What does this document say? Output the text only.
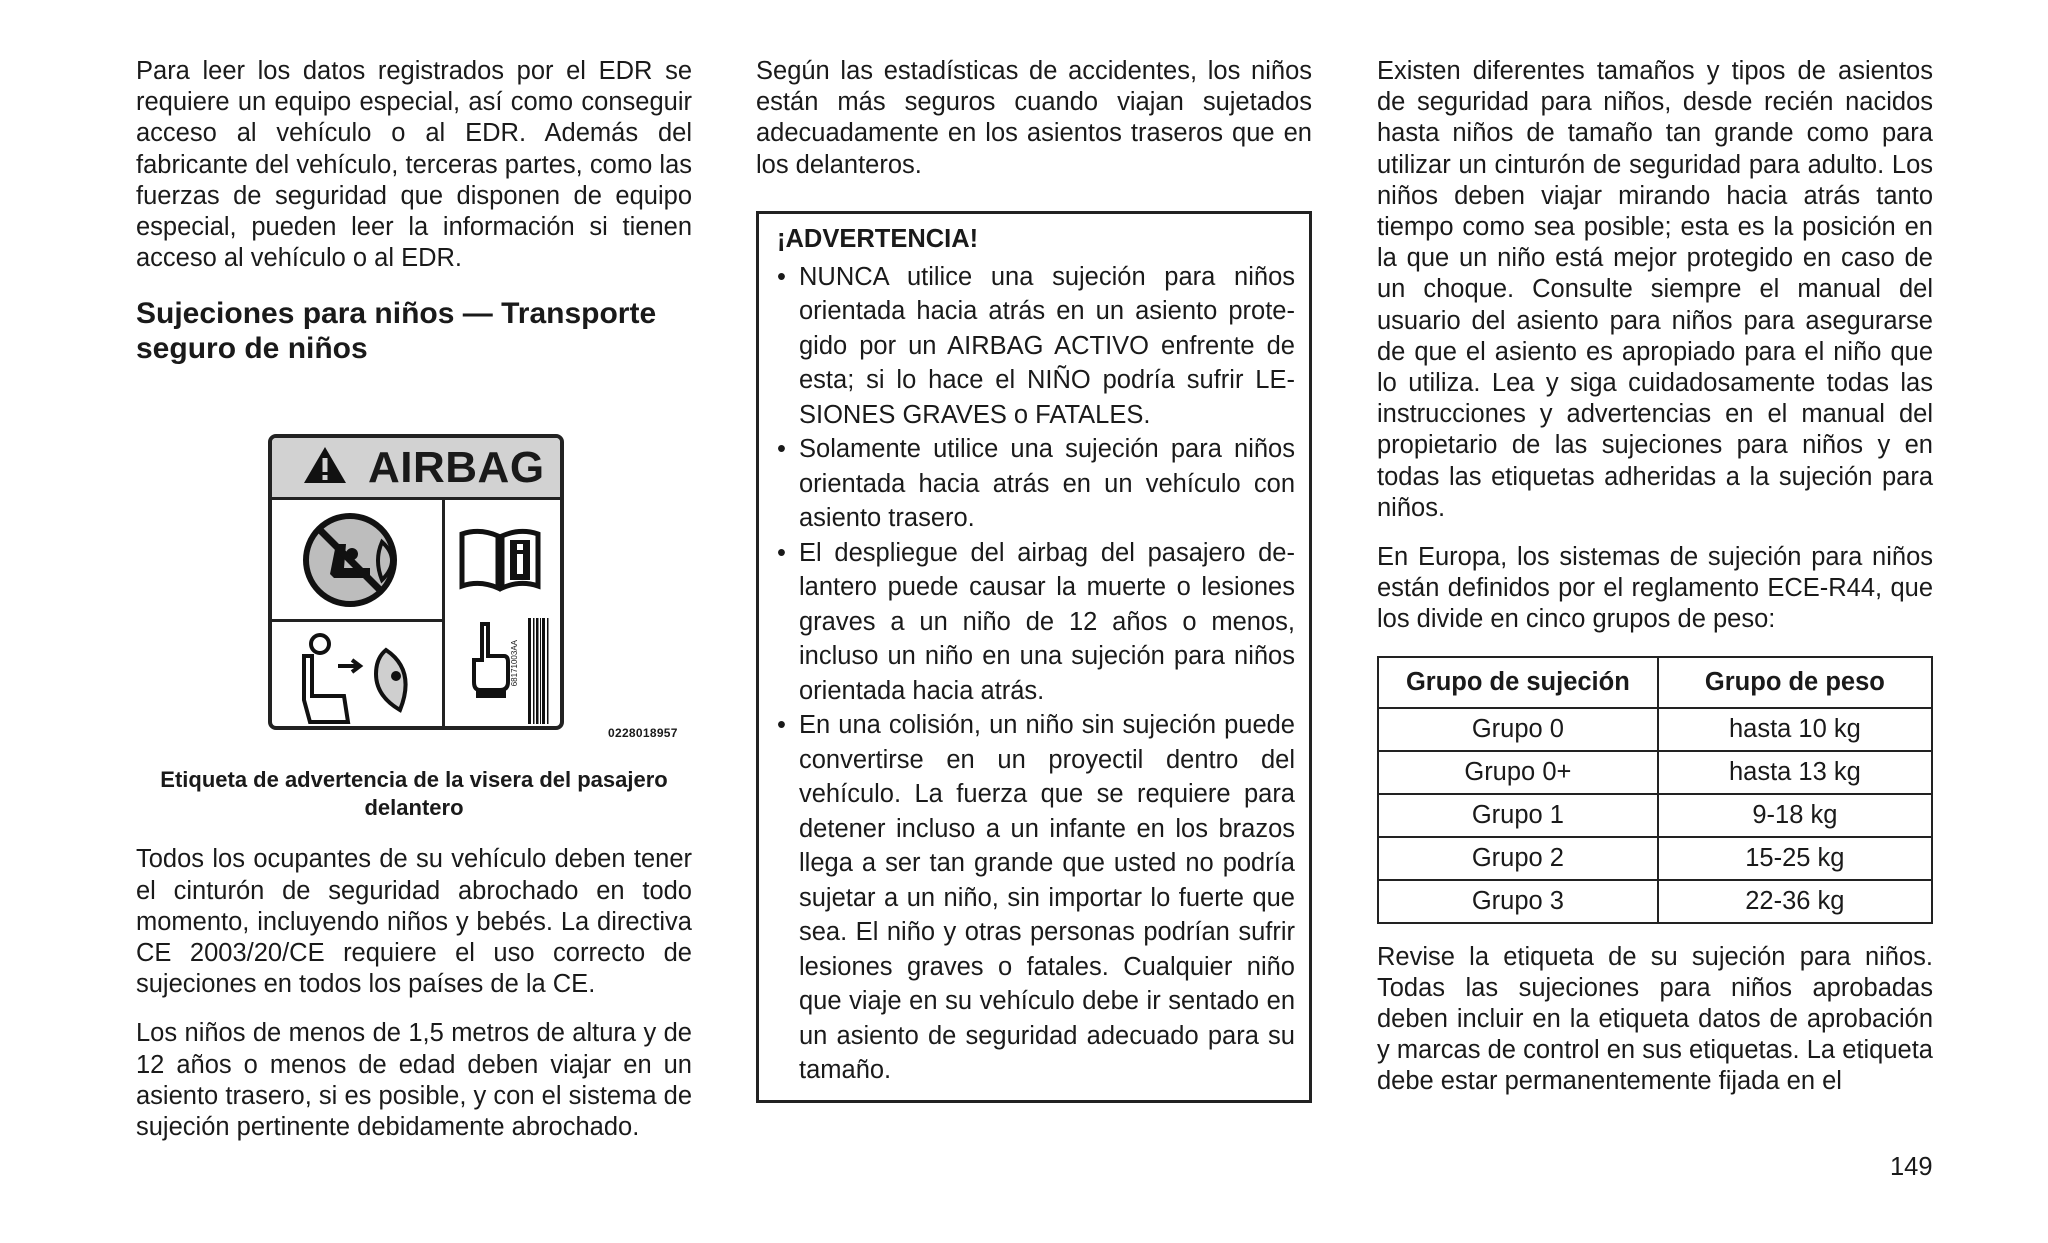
Para leer los datos registrados por el EDR se requiere un equipo especial, así como conseguir acceso al vehículo o al EDR. Además del fabricante del vehículo, terceras partes, como las fuerzas de seguridad que disponen de equipo especial, pueden leer la información si tienen acceso al vehículo o al EDR.

Sujeciones para niños — Transporte seguro de niños
AIRBAG
68171003AA
0228018957

Etiqueta de advertencia de la visera del pasajero delantero

Todos los ocupantes de su vehículo deben tener el cinturón de seguridad abrochado en todo momento, incluyendo niños y bebés. La directiva CE 2003/20/CE requiere el uso correcto de sujeciones en todos los países de la CE.

Los niños de menos de 1,5 metros de altura y de 12 años o menos de edad deben viajar en un asiento trasero, si es posible, y con el sistema de sujeción pertinente debidamente abrochado.

Según las estadísticas de accidentes, los niños están más seguros cuando viajan sujetados adecuadamente en los asientos traseros que en los delanteros.

¡ADVERTENCIA!
• NUNCA utilice una sujeción para niños orientada hacia atrás en un asiento protegido por un AIRBAG ACTIVO enfrente de esta; si lo hace el NIÑO podría sufrir LESIONES GRAVES o FATALES.
• Solamente utilice una sujeción para niños orientada hacia atrás en un vehículo con asiento trasero.
• El despliegue del airbag del pasajero delantero puede causar la muerte o lesiones graves a un niño de 12 años o menos, incluso un niño en una sujeción para niños orientada hacia atrás.
• En una colisión, un niño sin sujeción puede convertirse en un proyectil dentro del vehículo. La fuerza que se requiere para detener incluso a un infante en los brazos llega a ser tan grande que usted no podría sujetar a un niño, sin importar lo fuerte que sea. El niño y otras personas podrían sufrir lesiones graves o fatales. Cualquier niño que viaje en su vehículo debe ir sentado en un asiento de seguridad adecuado para su tamaño.

Existen diferentes tamaños y tipos de asientos de seguridad para niños, desde recién nacidos hasta niños de tamaño tan grande como para utilizar un cinturón de seguridad para adulto. Los niños deben viajar mirando hacia atrás tanto tiempo como sea posible; esta es la posición en la que un niño está mejor protegido en caso de un choque. Consulte siempre el manual del usuario del asiento para niños para asegurarse de que el asiento es apropiado para el niño que lo utiliza. Lea y siga cuidadosamente todas las instrucciones y advertencias en el manual del propietario de las sujeciones para niños y en todas las etiquetas adheridas a la sujeción para niños.

En Europa, los sistemas de sujeción para niños están definidos por el reglamento ECE-R44, que los divide en cinco grupos de peso:

Grupo de sujeción	Grupo de peso
Grupo 0	hasta 10 kg
Grupo 0+	hasta 13 kg
Grupo 1	9-18 kg
Grupo 2	15-25 kg
Grupo 3	22-36 kg

Revise la etiqueta de su sujeción para niños. Todas las sujeciones para niños aprobadas deben incluir en la etiqueta datos de aprobación y marcas de control en sus etiquetas. La etiqueta debe estar permanentemente fijada en el

149
